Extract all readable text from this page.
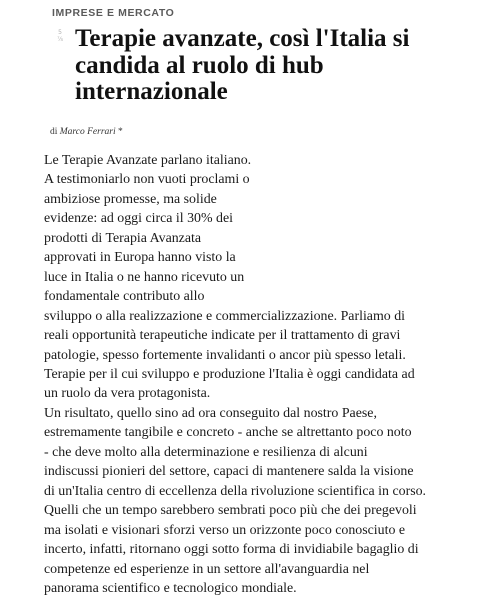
IMPRESE E MERCATO
5
⅞ Terapie avanzate, così l'Italia si candida al ruolo di hub internazionale
di Marco Ferrari *
Le Terapie Avanzate parlano italiano.
A testimoniarlo non vuoti proclami o
ambiziose promesse, ma solide
evidenze: ad oggi circa il 30% dei
prodotti di Terapia Avanzata
approvati in Europa hanno visto la
luce in Italia o ne hanno ricevuto un
fondamentale contributo allo
sviluppo o alla realizzazione e commercializzazione. Parliamo di
reali opportunità terapeutiche indicate per il trattamento di gravi
patologie, spesso fortemente invalidanti o ancor più spesso letali.
Terapie per il cui sviluppo e produzione l'Italia è oggi candidata ad
un ruolo da vera protagonista.
Un risultato, quello sino ad ora conseguito dal nostro Paese,
estremamente tangibile e concreto - anche se altrettanto poco noto
- che deve molto alla determinazione e resilienza di alcuni
indiscussi pionieri del settore, capaci di mantenere salda la visione
di un'Italia centro di eccellenza della rivoluzione scientifica in corso.
Quelli che un tempo sarebbero sembrati poco più che dei pregevoli
ma isolati e visionari sforzi verso un orizzonte poco conosciuto e
incerto, infatti, ritornano oggi sotto forma di invidiabile bagaglio di
competenze ed esperienze in un settore all'avanguardia nel
panorama scientifico e tecnologico mondiale.
